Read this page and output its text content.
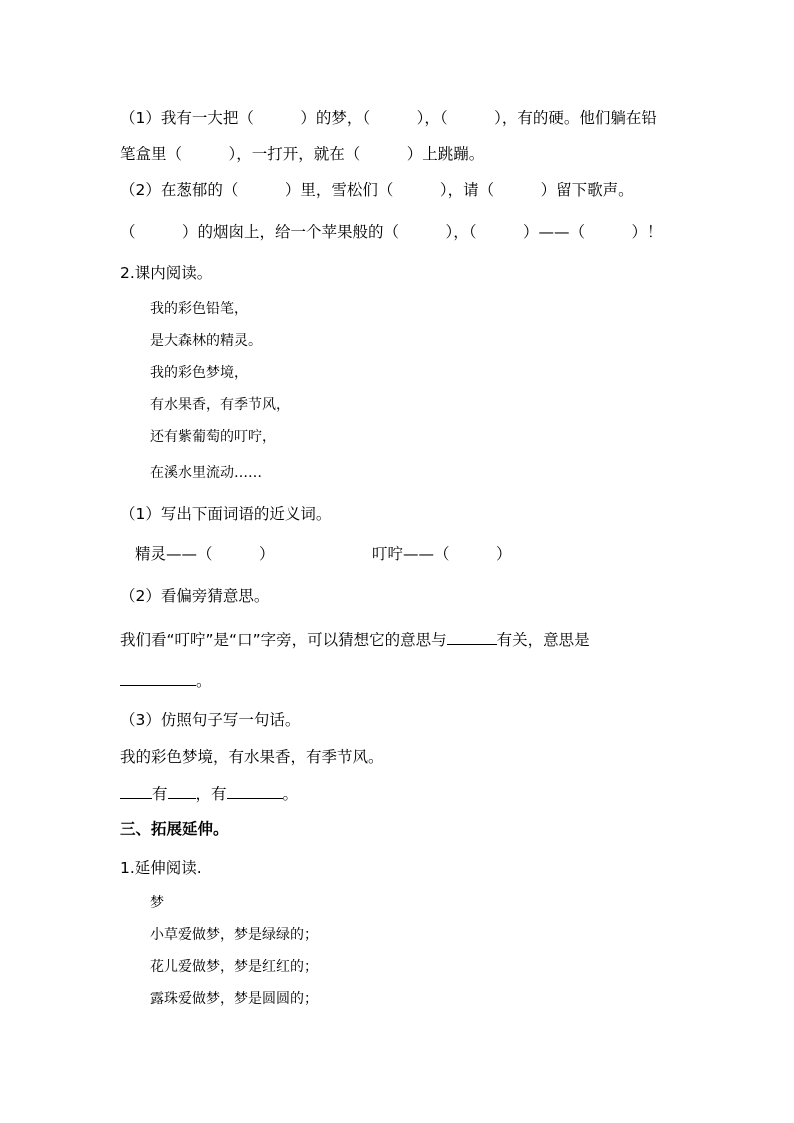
（1）我有一大把（　　　）的梦，（　　　），（　　　），有的硬。他们躺在铅
笔盒里（　　　），一打开，就在（　　　）上跳蹦。
（2）在葱郁的（　　　）里，雪松们（　　　），请（　　　）留下歌声。
（　　　）的烟囱上，给一个苹果般的（　　　），（　　　）——（　　　）！
2.课内阅读。
我的彩色铅笔，
是大森林的精灵。
我的彩色梦境，
有水果香，有季节风，
还有紫葡萄的叮咛，
在溪水里流动……
（1）写出下面词语的近义词。
精灵——（　　　）	叮咛——（　　　）
（2）看偏旁猜意思。
我们看“叮咛”是“口”字旁，可以猜想它的意思与	有关，意思是
。
（3）仿照句子写一句话。
我的彩色梦境，有水果香，有季节风。
有 ，有	。
三、拓展延伸。
1.延伸阅读.
梦
小草爱做梦，梦是绿绿的；
花儿爱做梦，梦是红红的；
露珠爱做梦，梦是圆圆的；
